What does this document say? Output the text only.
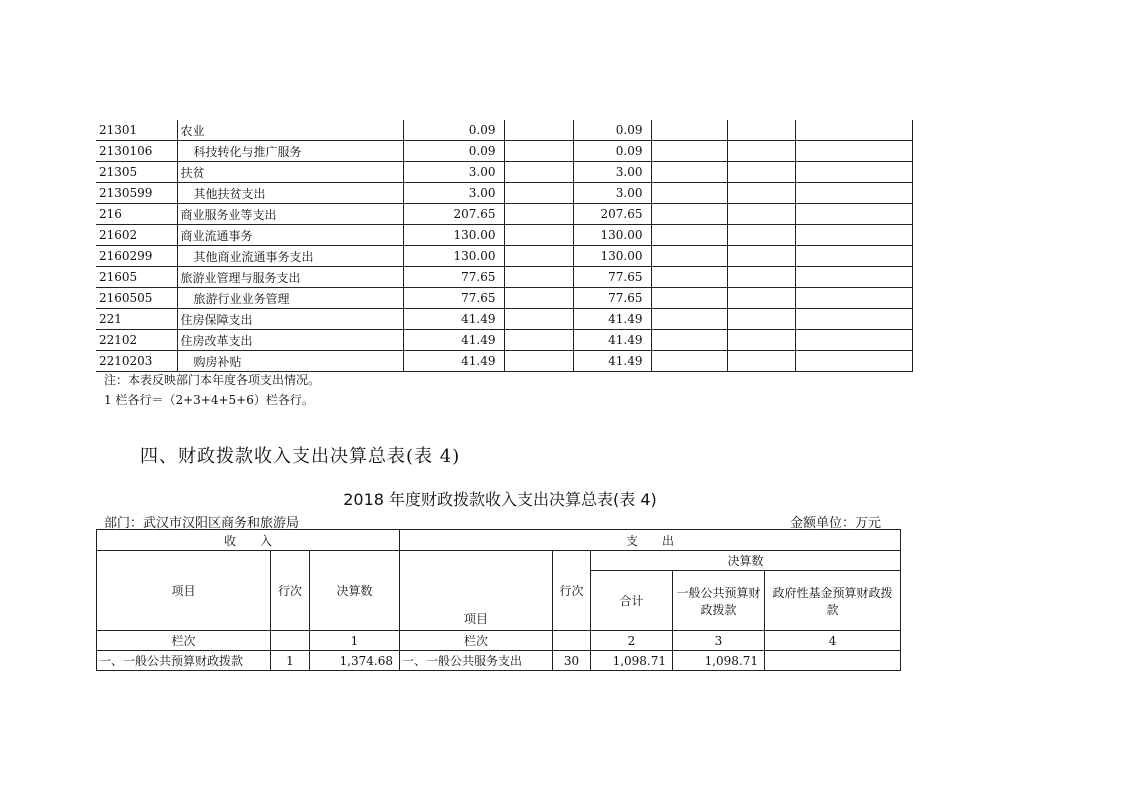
21301	农业	0.09		0.09			
2130106	科技转化与推广服务	0.09		0.09			
21305	扶贫	3.00		3.00			
2130599	其他扶贫支出	3.00		3.00			
216	商业服务业等支出	207.65		207.65			
21602	商业流通事务	130.00		130.00			
2160299	其他商业流通事务支出	130.00		130.00			
21605	旅游业管理与服务支出	77.65		77.65			
2160505	旅游行业业务管理	77.65		77.65			
221	住房保障支出	41.49		41.49			
22102	住房改革支出	41.49		41.49			
2210203	购房补贴	41.49		41.49			
注：本表反映部门本年度各项支出情况。
1 栏各行＝（2+3+4+5+6）栏各行。
四、财政拨款收入支出决算总表(表 4)
2018 年度财政拨款收入支出决算总表(表 4)
部门：武汉市汉阳区商务和旅游局	金额单位：万元
收　　入			支　　出				
项目	行次	决算数	项目	行次	决算数		
					合计	一般公共预算财政拨款	政府性基金预算财政拨款
栏次		1	栏次		2	3	4
一、一般公共预算财政拨款	1	1,374.68	一、一般公共服务支出	30	1,098.71	1,098.71	
